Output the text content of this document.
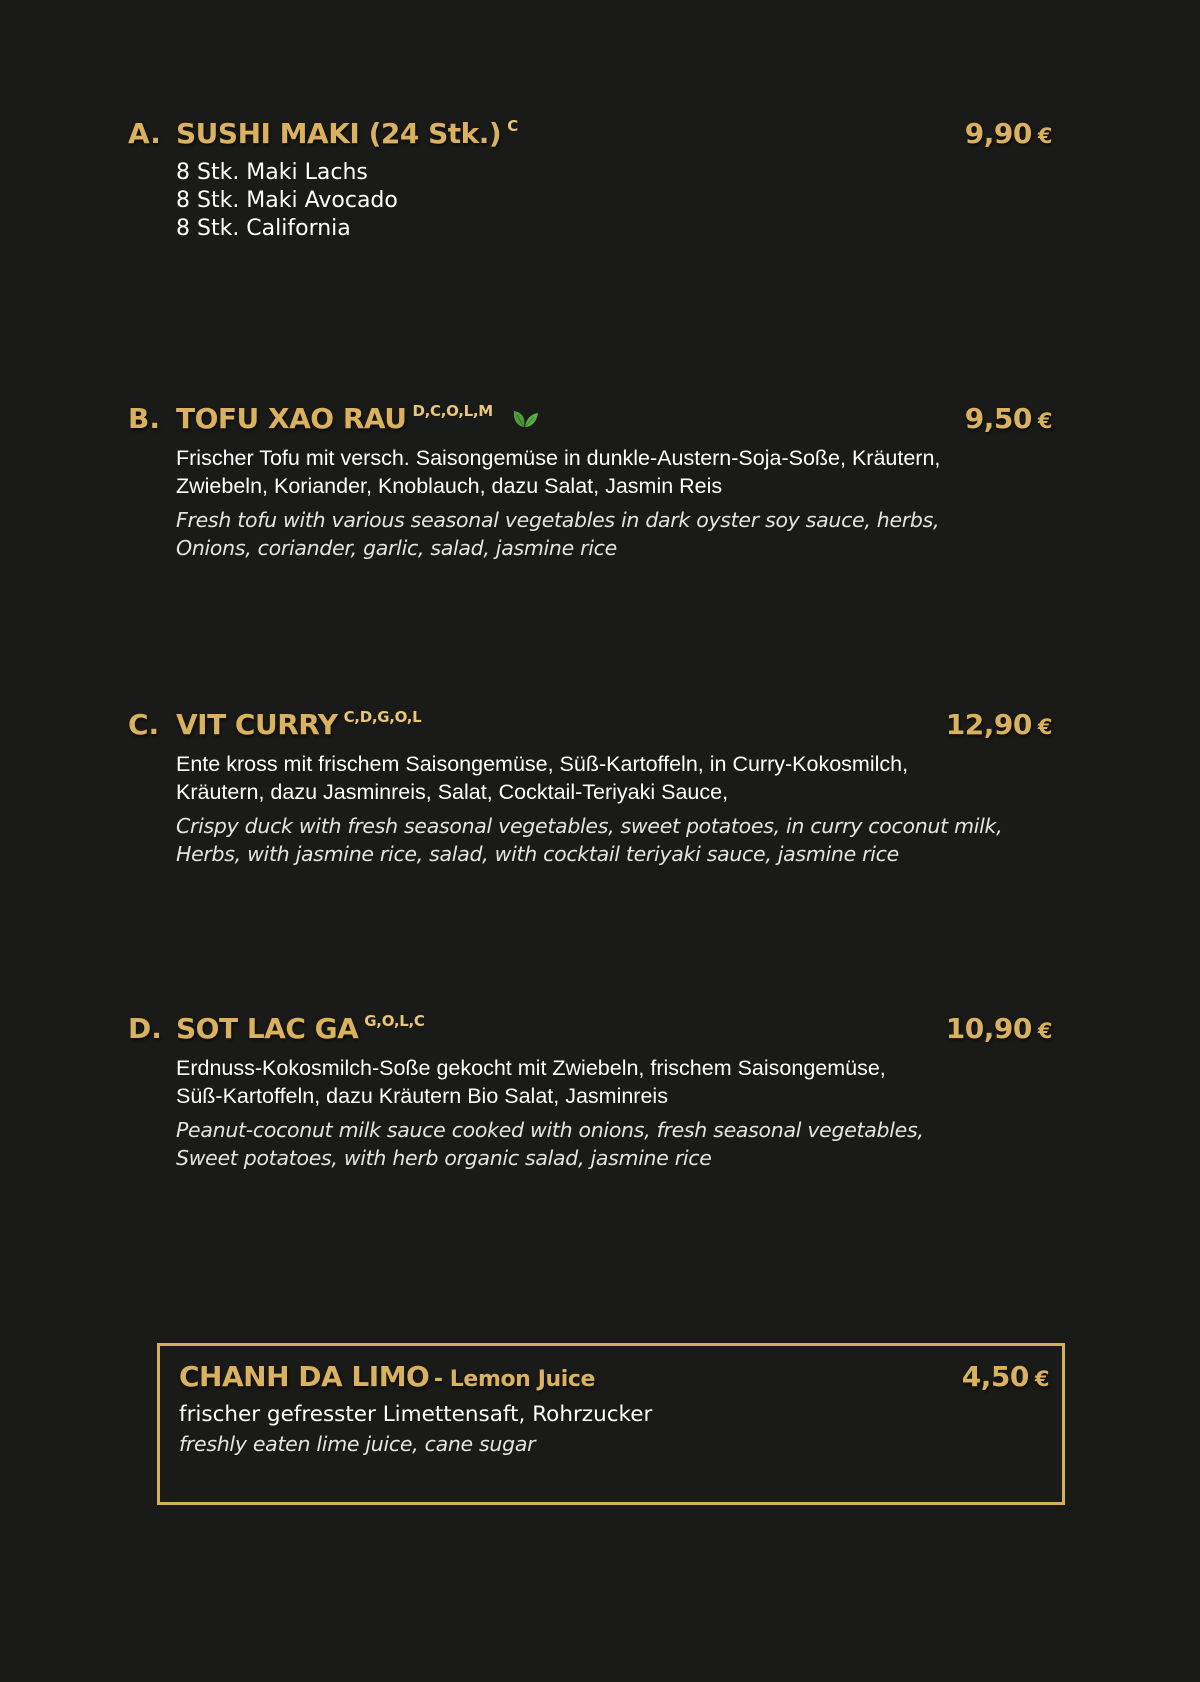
A. SUSHI MAKI (24 Stk.) C	9,90 €
8 Stk. Maki Lachs
8 Stk. Maki Avocado
8 Stk. California
B. TOFU XAO RAU D,C,O,L,M	9,50 €
Frischer Tofu mit versch. Saisongemüse in dunkle-Austern-Soja-Soße, Kräutern,
Zwiebeln, Koriander, Knoblauch, dazu Salat, Jasmin Reis
Fresh tofu with various seasonal vegetables in dark oyster soy sauce, herbs,
Onions, coriander, garlic, salad, jasmine rice
C. VIT CURRY C,D,G,O,L	12,90 €
Ente kross mit frischem Saisongemüse, Süß-Kartoffeln, in Curry-Kokosmilch,
Kräutern, dazu Jasminreis, Salat, Cocktail-Teriyaki Sauce,
Crispy duck with fresh seasonal vegetables, sweet potatoes, in curry coconut milk,
Herbs, with jasmine rice, salad, with cocktail teriyaki sauce, jasmine rice
D. SOT LAC GA G,O,L,C	10,90 €
Erdnuss-Kokosmilch-Soße gekocht mit Zwiebeln, frischem Saisongemüse,
Süß-Kartoffeln, dazu Kräutern Bio Salat, Jasminreis
Peanut-coconut milk sauce cooked with onions, fresh seasonal vegetables,
Sweet potatoes, with herb organic salad, jasmine rice
CHANH DA LIMO - Lemon Juice	4,50 €
frischer gefresster Limettensaft, Rohrzucker
freshly eaten lime juice, cane sugar
